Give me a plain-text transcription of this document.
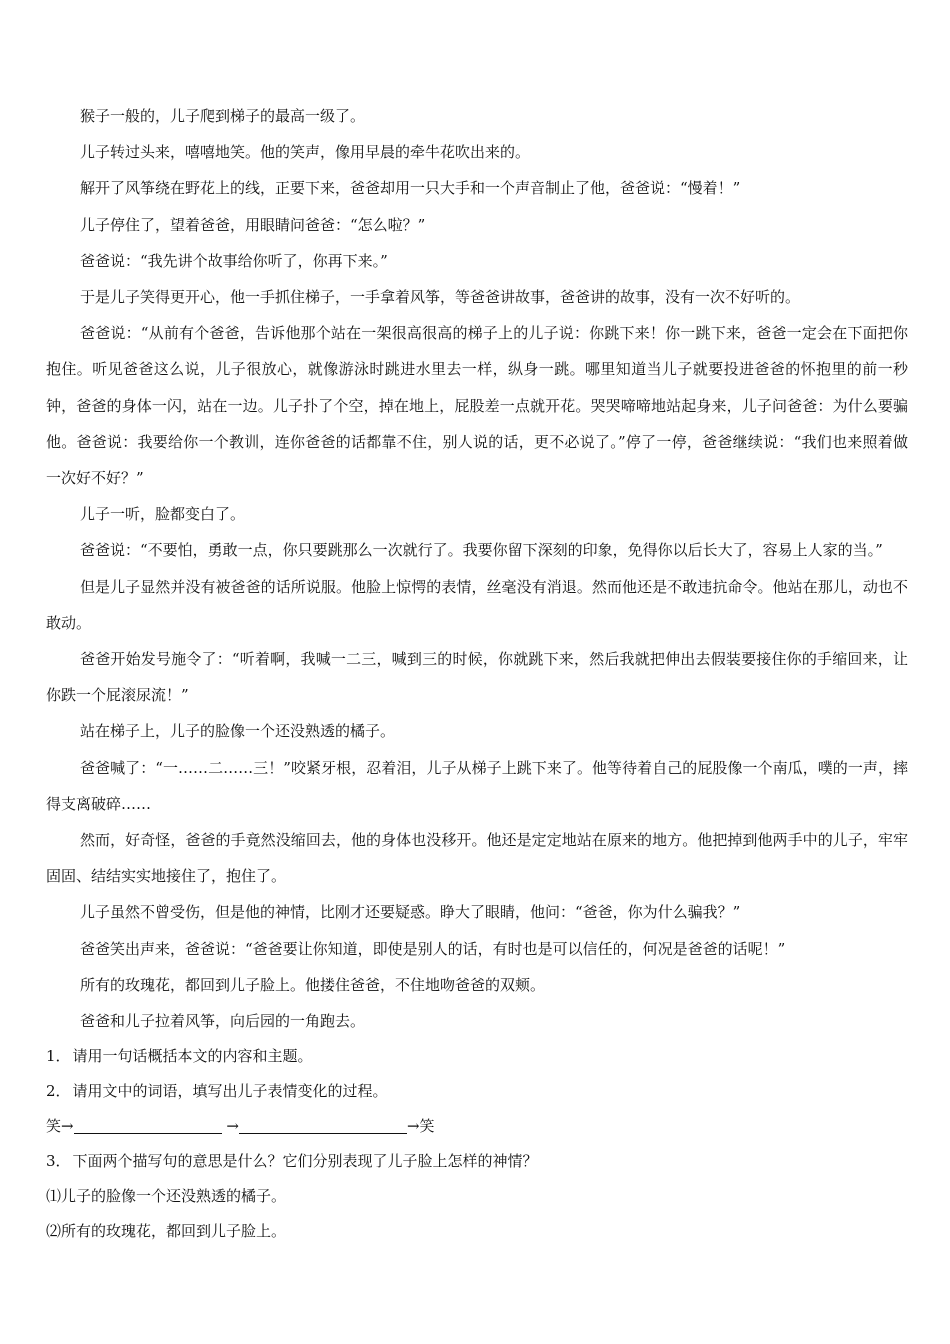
猴子一般的，儿子爬到梯子的最高一级了。

儿子转过头来，嘻嘻地笑。他的笑声，像用早晨的牵牛花吹出来的。

解开了风筝绕在野花上的线，正要下来，爸爸却用一只大手和一个声音制止了他，爸爸说：“慢着！”

儿子停住了，望着爸爸，用眼睛问爸爸：“怎么啦？”

爸爸说：“我先讲个故事给你听了，你再下来。”

于是儿子笑得更开心，他一手抓住梯子，一手拿着风筝，等爸爸讲故事，爸爸讲的故事，没有一次不好听的。

爸爸说：“从前有个爸爸，告诉他那个站在一架很高很高的梯子上的儿子说：你跳下来！你一跳下来，爸爸一定会在下面把你抱住。听见爸爸这么说，儿子很放心，就像游泳时跳进水里去一样，纵身一跳。哪里知道当儿子就要投进爸爸的怀抱里的前一秒钟，爸爸的身体一闪，站在一边。儿子扑了个空，掉在地上，屁股差一点就开花。哭哭啼啼地站起身来，儿子问爸爸：为什么要骗他。爸爸说：我要给你一个教训，连你爸爸的话都靠不住，别人说的话，更不必说了。”停了一停，爸爸继续说：“我们也来照着做一次好不好？”

儿子一听，脸都变白了。

爸爸说：“不要怕，勇敢一点，你只要跳那么一次就行了。我要你留下深刻的印象，免得你以后长大了，容易上人家的当。”

但是儿子显然并没有被爸爸的话所说服。他脸上惊愕的表情，丝毫没有消退。然而他还是不敢违抗命令。他站在那儿，动也不敢动。

爸爸开始发号施令了：“听着啊，我喊一二三，喊到三的时候，你就跳下来，然后我就把伸出去假装要接住你的手缩回来，让你跌一个屁滚尿流！”

站在梯子上，儿子的脸像一个还没熟透的橘子。

爸爸喊了：“一……二……三！”咬紧牙根，忍着泪，儿子从梯子上跳下来了。他等待着自己的屁股像一个南瓜，噗的一声，摔得支离破碎……

然而，好奇怪，爸爸的手竟然没缩回去，他的身体也没移开。他还是定定地站在原来的地方。他把掉到他两手中的儿子，牢牢固固、结结实实地接住了，抱住了。

儿子虽然不曾受伤，但是他的神情，比刚才还要疑惑。睁大了眼睛，他问：“爸爸，你为什么骗我？”

爸爸笑出声来，爸爸说：“爸爸要让你知道，即使是别人的话，有时也是可以信任的，何况是爸爸的话呢！”

所有的玫瑰花，都回到儿子脸上。他搂住爸爸，不住地吻爸爸的双颊。

爸爸和儿子拉着风筝，向后园的一角跑去。

1． 请用一句话概括本文的内容和主题。

2． 请用文中的词语，填写出儿子表情变化的过程。

笑→	→	→笑

3． 下面两个描写句的意思是什么？它们分别表现了儿子脸上怎样的神情？

⑴儿子的脸像一个还没熟透的橘子。

⑵所有的玫瑰花，都回到儿子脸上。
